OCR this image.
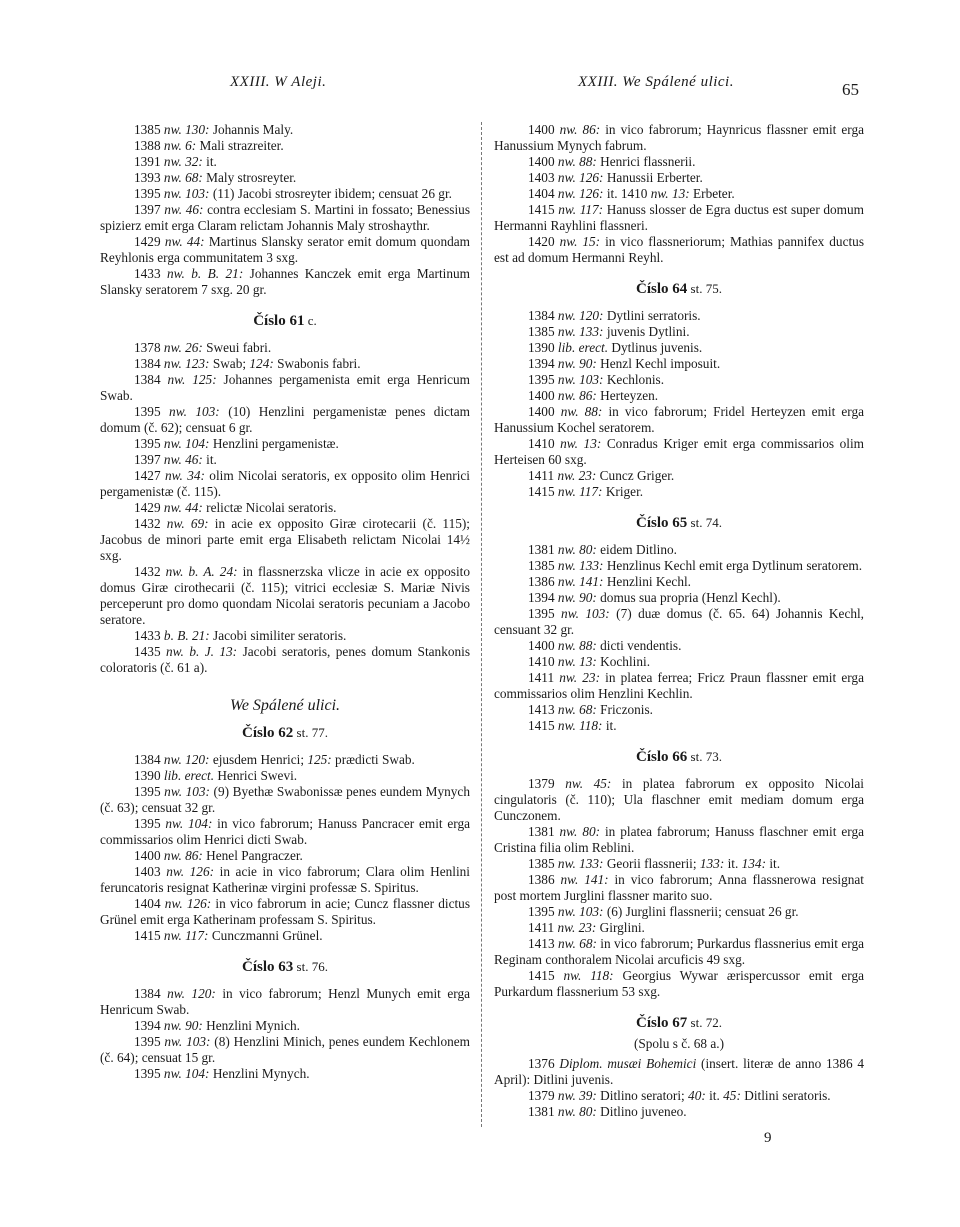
XXIII. W Aleji.	XXIII. We Spálené ulici.	65

1385 nw. 130: Johannis Maly.

1388 nw. 6: Mali strazreiter.

1391 nw. 32: it.

1393 nw. 68: Maly strosreyter.

1395 nw. 103: (11) Jacobi strosreyter ibidem; censuat 26 gr.

1397 nw. 46: contra ecclesiam S. Martini in fossato; Benessius spizierz emit erga Claram relictam Johannis Maly stroshaythr.

1429 nw. 44: Martinus Slansky serator emit domum quondam Reyhlonis erga communitatem 3 sxg.

1433 nw. b. B. 21: Johannes Kanczek emit erga Martinum Slansky seratorem 7 sxg. 20 gr.

Číslo 61 c.

1378 nw. 26: Sweui fabri.

1384 nw. 123: Swab; 124: Swabonis fabri.

1384 nw. 125: Johannes pergamenista emit erga Henricum Swab.

1395 nw. 103: (10) Henzlini pergamenistæ penes dictam domum (č. 62); censuat 6 gr.

1395 nw. 104: Henzlini pergamenistæ.

1397 nw. 46: it.

1427 nw. 34: olim Nicolai seratoris, ex opposito olim Henrici pergamenistæ (č. 115).

1429 nw. 44: relictæ Nicolai seratoris.

1432 nw. 69: in acie ex opposito Giræ cirotecarii (č. 115); Jacobus de minori parte emit erga Elisabeth relictam Nicolai 14½ sxg.

1432 nw. b. A. 24: in flassnerzska vlicze in acie ex opposito domus Giræ cirothecarii (č. 115); vitrici ecclesiæ S. Mariæ Nivis perceperunt pro domo quondam Nicolai seratoris pecuniam a Jacobo seratore.

1433 b. B. 21: Jacobi similiter seratoris.

1435 nw. b. J. 13: Jacobi seratoris, penes domum Stankonis coloratoris (č. 61 a).

We Spálené ulici.
Číslo 62 st. 77.

1384 nw. 120: ejusdem Henrici; 125: prædicti Swab.

1390 lib. erect. Henrici Swevi.

1395 nw. 103: (9) Byethæ Swabonissæ penes eundem Mynych (č. 63); censuat 32 gr.

1395 nw. 104: in vico fabrorum; Hanuss Pancracer emit erga commissarios olim Henrici dicti Swab.

1400 nw. 86: Henel Pangraczer.

1403 nw. 126: in acie in vico fabrorum; Clara olim Henlini feruncatoris resignat Katherinæ virgini professæ S. Spiritus.

1404 nw. 126: in vico fabrorum in acie; Cuncz flassner dictus Grünel emit erga Katherinam professam S. Spiritus.

1415 nw. 117: Cunczmanni Grünel.

Číslo 63 st. 76.

1384 nw. 120: in vico fabrorum; Henzl Munych emit erga Henricum Swab.

1394 nw. 90: Henzlini Mynich.

1395 nw. 103: (8) Henzlini Minich, penes eundem Kechlonem (č. 64); censuat 15 gr.

1395 nw. 104: Henzlini Mynych.

1400 nw. 86: in vico fabrorum; Haynricus flassner emit erga Hanussium Mynych fabrum.

1400 nw. 88: Henrici flassnerii.

1403 nw. 126: Hanussii Erberter.

1404 nw. 126: it. 1410 nw. 13: Erbeter.

1415 nw. 117: Hanuss slosser de Egra ductus est super domum Hermanni Rayhlini flassneri.

1420 nw. 15: in vico flassneriorum; Mathias pannifex ductus est ad domum Hermanni Reyhl.

Číslo 64 st. 75.

1384 nw. 120: Dytlini serratoris.

1385 nw. 133: juvenis Dytlini.

1390 lib. erect. Dytlinus juvenis.

1394 nw. 90: Henzl Kechl imposuit.

1395 nw. 103: Kechlonis.

1400 nw. 86: Herteyzen.

1400 nw. 88: in vico fabrorum; Fridel Herteyzen emit erga Hanussium Kochel seratorem.

1410 nw. 13: Conradus Kriger emit erga commissarios olim Herteisen 60 sxg.

1411 nw. 23: Cuncz Griger.

1415 nw. 117: Kriger.

Číslo 65 st. 74.

1381 nw. 80: eidem Ditlino.

1385 nw. 133: Henzlinus Kechl emit erga Dytlinum seratorem.

1386 nw. 141: Henzlini Kechl.

1394 nw. 90: domus sua propria (Henzl Kechl).

1395 nw. 103: (7) duæ domus (č. 65. 64) Johannis Kechl, censuant 32 gr.

1400 nw. 88: dicti vendentis.

1410 nw. 13: Kochlini.

1411 nw. 23: in platea ferrea; Fricz Praun flassner emit erga commissarios olim Henzlini Kechlin.

1413 nw. 68: Friczonis.

1415 nw. 118: it.

Číslo 66 st. 73.

1379 nw. 45: in platea fabrorum ex opposito Nicolai cingulatoris (č. 110); Ula flaschner emit mediam domum erga Cunczonem.

1381 nw. 80: in platea fabrorum; Hanuss flaschner emit erga Cristina filia olim Reblini.

1385 nw. 133: Georii flassnerii; 133: it. 134: it.

1386 nw. 141: in vico fabrorum; Anna flassnerowa resignat post mortem Jurglini flassner marito suo.

1395 nw. 103: (6) Jurglini flassnerii; censuat 26 gr.

1411 nw. 23: Girglini.

1413 nw. 68: in vico fabrorum; Purkardus flassnerius emit erga Reginam conthoralem Nicolai arcuficis 49 sxg.

1415 nw. 118: Georgius Wywar ærispercussor emit erga Purkardum flassnerium 53 sxg.

Číslo 67 st. 72.
(Spolu s č. 68 a.)

1376 Diplom. musæi Bohemici (insert. literæ de anno 1386 4 April): Ditlini juvenis.

1379 nw. 39: Ditlino seratori; 40: it. 45: Ditlini seratoris.

1381 nw. 80: Ditlino juveneo.

9
